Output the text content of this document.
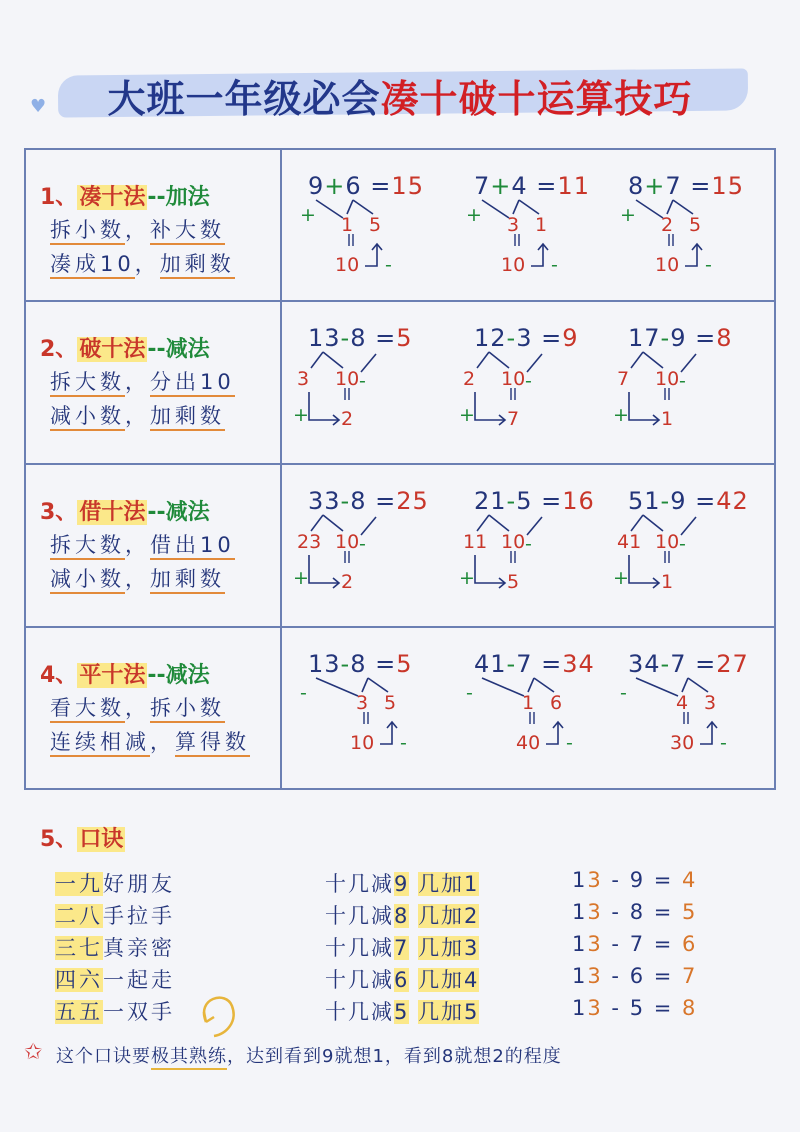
♥	大班一年级必会凑十破十运算技巧
1、凑十法--加法
拆小数，补大数
凑成10，加剩数
9+6 =15
1 5
10
+
-
7+4 =11
3 1
10
+
-
8+7 =15
2 5
10
+
-
2、破十法--减法
拆大数，分出10
减小数，加剩数
13-8 =5
3 10
2
+
-
12-3 =9
2 10
7
+
-
17-9 =8
7 10
1
+
-
3、借十法--减法
拆大数，借出10
减小数，加剩数
33-8 =25
23 10
2
+
-
21-5 =16
11 10
5
+
-
51-9 =42
41 10
1
+
-
4、平十法--减法
看大数，拆小数
连续相减，算得数
13-8 =5
3 5
10
-
-
41-7 =34
1 6
40
-
-
34-7 =27
4 3
30
-
-
5、口诀
一九好朋友	十几减9 几加1	13 - 9 = 4
二八手拉手	十几减8 几加2	13 - 8 = 5
三七真亲密	十几减7 几加3	13 - 7 = 6
四六一起走	十几减6 几加4	13 - 6 = 7
五五一双手	十几减5 几加5	13 - 5 = 8
✩ 这个口诀要极其熟练，达到看到9就想1，看到8就想2的程度
